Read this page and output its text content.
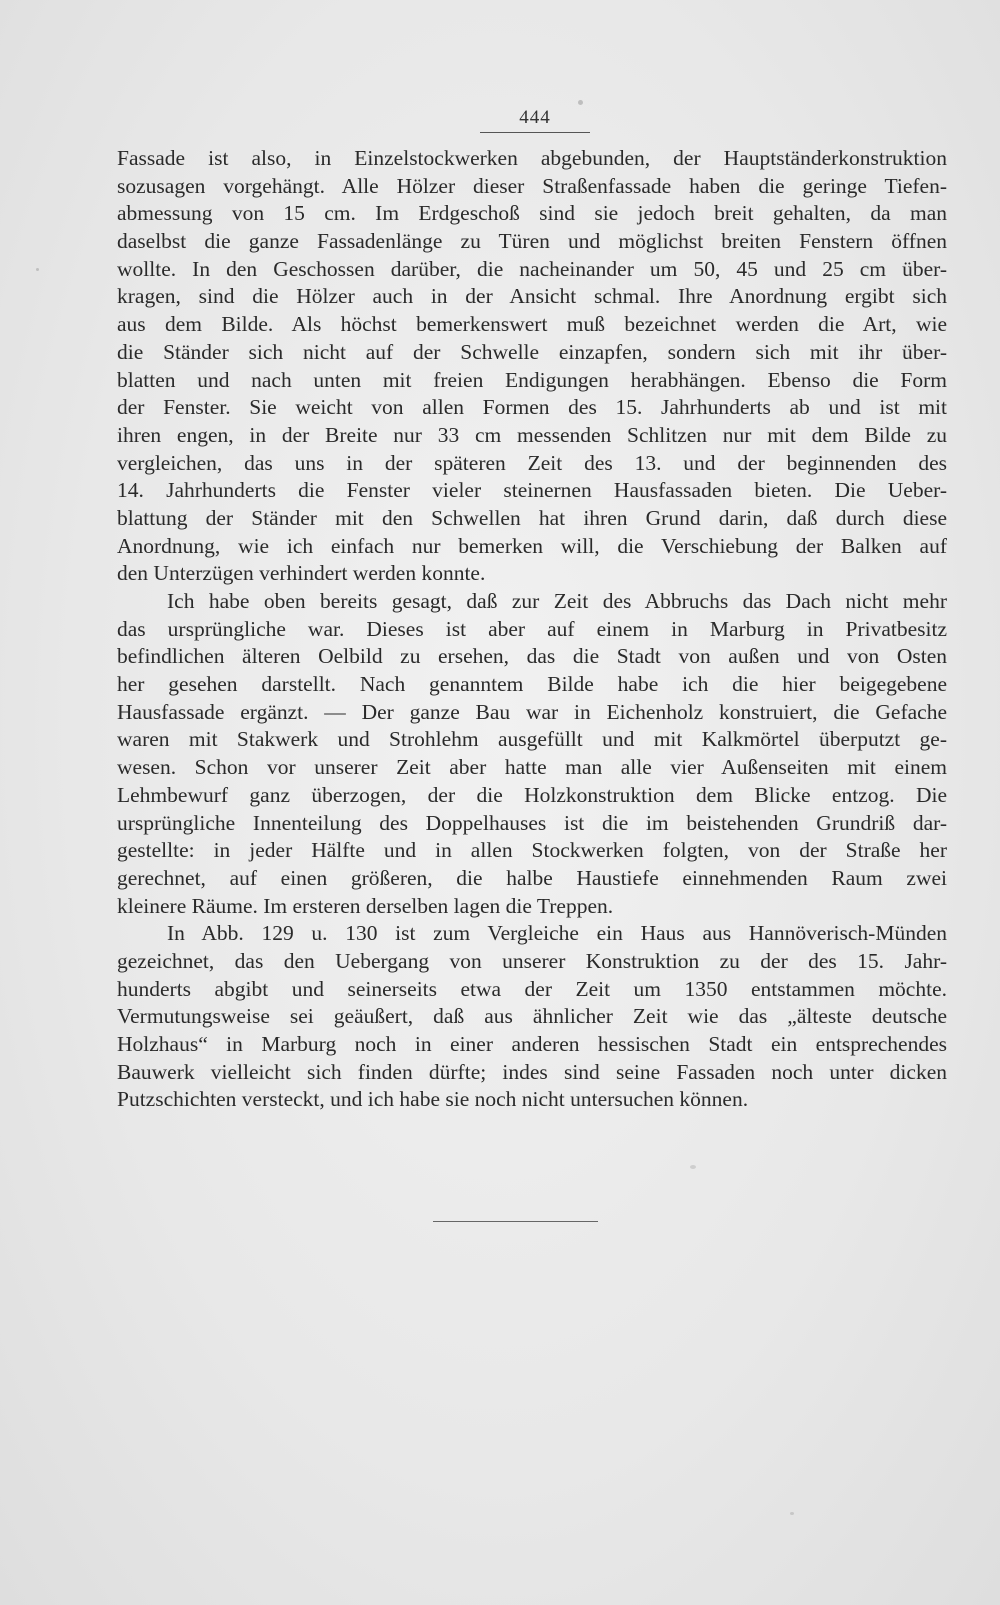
444
Fassade ist also, in Einzelstockwerken abgebunden, der Hauptständerkonstruktion
sozusagen vorgehängt. Alle Hölzer dieser Straßenfassade haben die geringe Tiefen-
abmessung von 15 cm. Im Erdgeschoß sind sie jedoch breit gehalten, da man
daselbst die ganze Fassadenlänge zu Türen und möglichst breiten Fenstern öffnen
wollte. In den Geschossen darüber, die nacheinander um 50, 45 und 25 cm über-
kragen, sind die Hölzer auch in der Ansicht schmal. Ihre Anordnung ergibt sich
aus dem Bilde. Als höchst bemerkenswert muß bezeichnet werden die Art, wie
die Ständer sich nicht auf der Schwelle einzapfen, sondern sich mit ihr über-
blatten und nach unten mit freien Endigungen herabhängen. Ebenso die Form
der Fenster. Sie weicht von allen Formen des 15. Jahrhunderts ab und ist mit
ihren engen, in der Breite nur 33 cm messenden Schlitzen nur mit dem Bilde zu
vergleichen, das uns in der späteren Zeit des 13. und der beginnenden des
14. Jahrhunderts die Fenster vieler steinernen Hausfassaden bieten. Die Ueber-
blattung der Ständer mit den Schwellen hat ihren Grund darin, daß durch diese
Anordnung, wie ich einfach nur bemerken will, die Verschiebung der Balken auf
den Unterzügen verhindert werden konnte.
Ich habe oben bereits gesagt, daß zur Zeit des Abbruchs das Dach nicht mehr
das ursprüngliche war. Dieses ist aber auf einem in Marburg in Privatbesitz
befindlichen älteren Oelbild zu ersehen, das die Stadt von außen und von Osten
her gesehen darstellt. Nach genanntem Bilde habe ich die hier beigegebene
Hausfassade ergänzt. — Der ganze Bau war in Eichenholz konstruiert, die Gefache
waren mit Stakwerk und Strohlehm ausgefüllt und mit Kalkmörtel überputzt ge-
wesen. Schon vor unserer Zeit aber hatte man alle vier Außenseiten mit einem
Lehmbewurf ganz überzogen, der die Holzkonstruktion dem Blicke entzog. Die
ursprüngliche Innenteilung des Doppelhauses ist die im beistehenden Grundriß dar-
gestellte: in jeder Hälfte und in allen Stockwerken folgten, von der Straße her
gerechnet, auf einen größeren, die halbe Haustiefe einnehmenden Raum zwei
kleinere Räume. Im ersteren derselben lagen die Treppen.
In Abb. 129 u. 130 ist zum Vergleiche ein Haus aus Hannöverisch-Münden
gezeichnet, das den Uebergang von unserer Konstruktion zu der des 15. Jahr-
hunderts abgibt und seinerseits etwa der Zeit um 1350 entstammen möchte.
Vermutungsweise sei geäußert, daß aus ähnlicher Zeit wie das „älteste deutsche
Holzhaus“ in Marburg noch in einer anderen hessischen Stadt ein entsprechendes
Bauwerk vielleicht sich finden dürfte; indes sind seine Fassaden noch unter dicken
Putzschichten versteckt, und ich habe sie noch nicht untersuchen können.
